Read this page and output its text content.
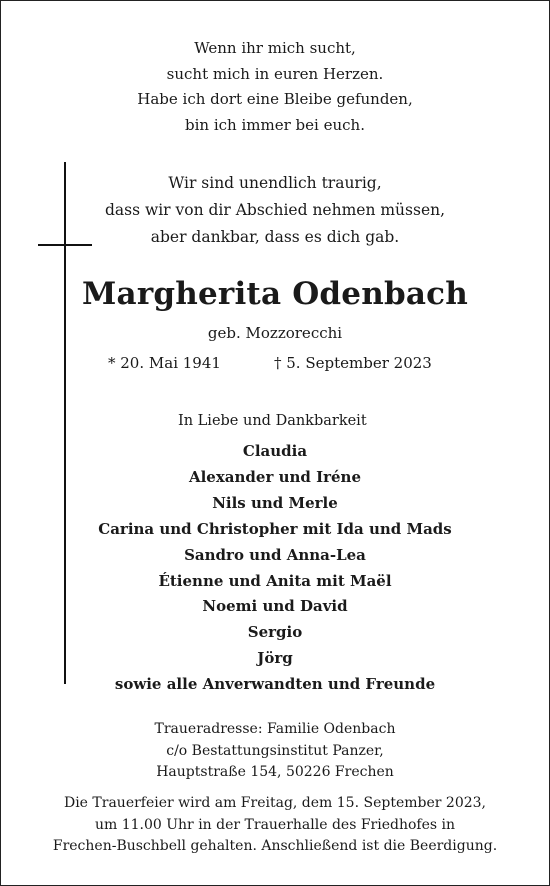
Wenn ihr mich sucht,
sucht mich in euren Herzen.
Habe ich dort eine Bleibe gefunden,
bin ich immer bei euch.
Wir sind unendlich traurig,
dass wir von dir Abschied nehmen müssen,
aber dankbar, dass es dich gab.
Margherita Odenbach
geb. Mozzorecchi
* 20. Mai 1941	† 5. September 2023
In Liebe und Dankbarkeit
Claudia
Alexander und Iréne
Nils und Merle
Carina und Christopher mit Ida und Mads
Sandro und Anna-Lea
Étienne und Anita mit Maël
Noemi und David
Sergio
Jörg
sowie alle Anverwandten und Freunde
Traueradresse: Familie Odenbach
c/o Bestattungsinstitut Panzer,
Hauptstraße 154, 50226 Frechen
Die Trauerfeier wird am Freitag, dem 15. September 2023,
um 11.00 Uhr in der Trauerhalle des Friedhofes in
Frechen-Buschbell gehalten. Anschließend ist die Beerdigung.
